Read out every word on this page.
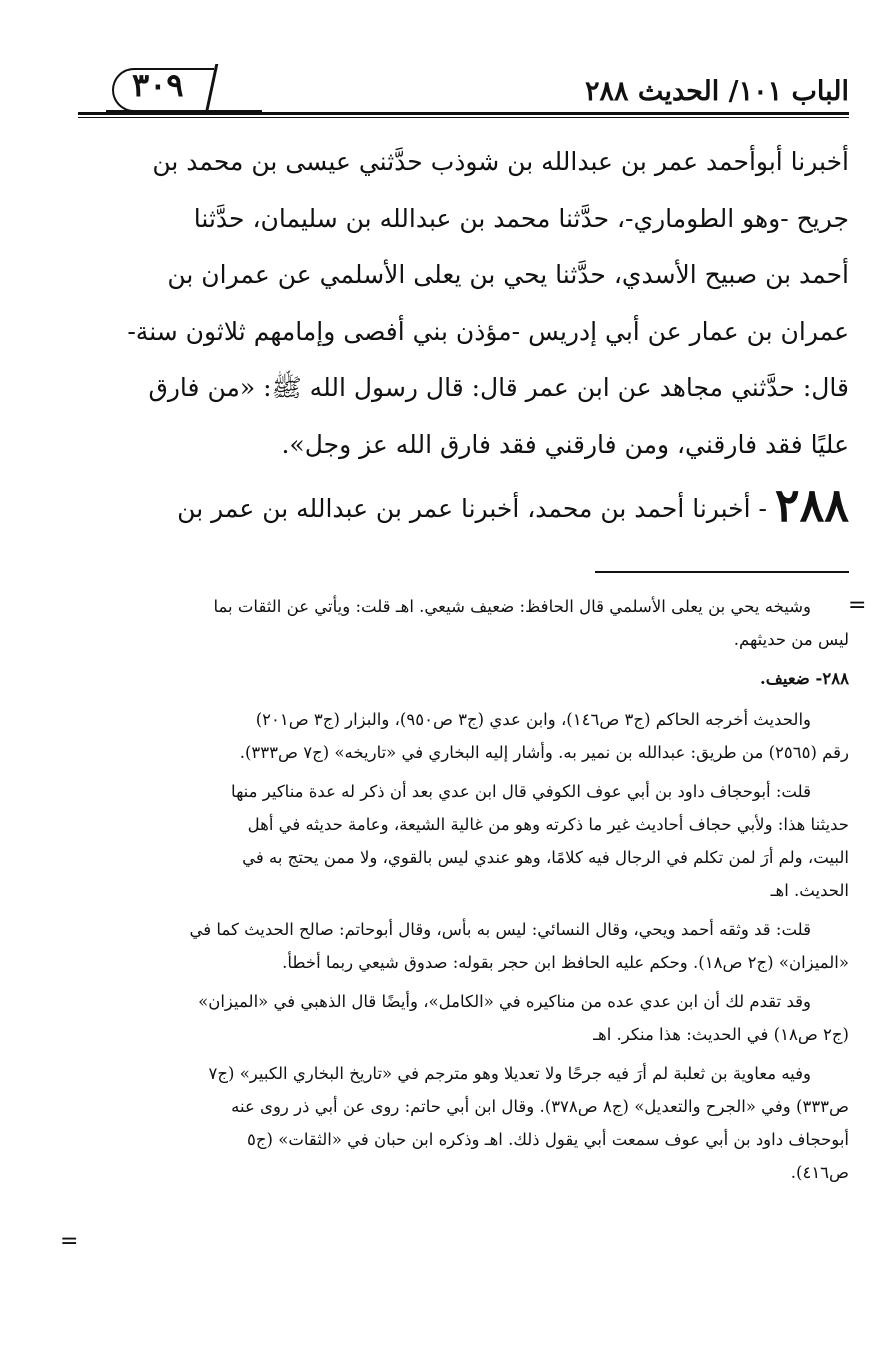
الباب ١٠١/ الحديث ٢٨٨
٣٠٩
أخبرنا أبوأحمد عمر بن عبدالله بن شوذب حدَّثني عيسى بن محمد بن
جريح -وهو الطوماري-، حدَّثنا محمد بن عبدالله بن سليمان، حدَّثنا
أحمد بن صبيح الأسدي، حدَّثنا يحي بن يعلى الأسلمي عن عمران بن
عمران بن عمار عن أبي إدريس -مؤذن بني أفصى وإمامهم ثلاثون سنة-
قال: حدَّثني مجاهد عن ابن عمر قال: قال رسول الله ﷺ: «من فارق
عليًا فقد فارقني، ومن فارقني فقد فارق الله عز وجل».
٢٨٨ - أخبرنا أحمد بن محمد، أخبرنا عمر بن عبدالله بن عمر بن
=
=
وشيخه يحي بن يعلى الأسلمي قال الحافظ: ضعيف شيعي. اهـ قلت: ويأتي عن الثقات بما
ليس من حديثهم.
٢٨٨- ضعيف.
والحديث أخرجه الحاكم (ج٣ ص١٤٦)، وابن عدي (ج٣ ص٩٥٠)، والبزار (ج٣ ص٢٠١)
رقم (٢٥٦٥) من طريق: عبدالله بن نمير به. وأشار إليه البخاري في «تاريخه» (ج٧ ص٣٣٣).
قلت: أبوحجاف داود بن أبي عوف الكوفي قال ابن عدي بعد أن ذكر له عدة مناكير منها
حديثنا هذا: ولأبي حجاف أحاديث غير ما ذكرته وهو من غالية الشيعة، وعامة حديثه في أهل
البيت، ولم أرَ لمن تكلم في الرجال فيه كلامًا، وهو عندي ليس بالقوي، ولا ممن يحتج به في
الحديث. اهـ
قلت: قد وثقه أحمد ويحي، وقال النسائي: ليس به بأس، وقال أبوحاتم: صالح الحديث كما في
«الميزان» (ج٢ ص١٨). وحكم عليه الحافظ ابن حجر بقوله: صدوق شيعي ربما أخطأ.
وقد تقدم لك أن ابن عدي عده من مناكيره في «الكامل»، وأيضًا قال الذهبي في «الميزان»
(ج٢ ص١٨) في الحديث: هذا منكر. اهـ
وفيه معاوية بن ثعلبة لم أرَ فيه جرحًا ولا تعديلا وهو مترجم في «تاريخ البخاري الكبير» (ج٧
ص٣٣٣) وفي «الجرح والتعديل» (ج٨ ص٣٧٨). وقال ابن أبي حاتم: روى عن أبي ذر روى عنه
أبوحجاف داود بن أبي عوف سمعت أبي يقول ذلك. اهـ وذكره ابن حبان في «الثقات» (ج٥
ص٤١٦).
